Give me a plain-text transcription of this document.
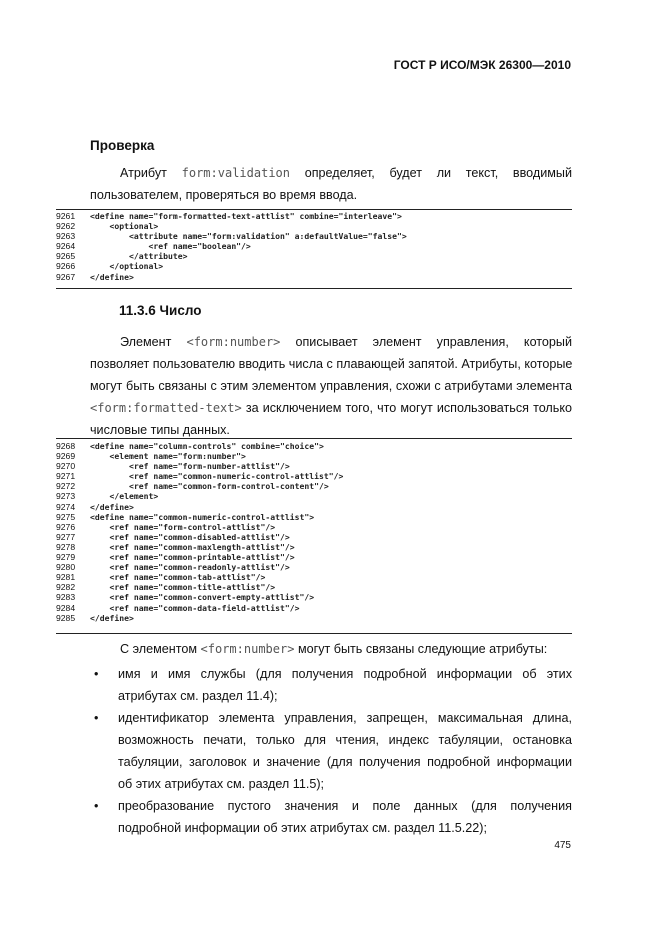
ГОСТ Р ИСО/МЭК 26300—2010
Проверка
Атрибут form:validation определяет, будет ли текст, вводимый
пользователем, проверяться во время ввода.
9261	<define name="form-formatted-text-attlist" combine="interleave">
9262	<optional>
9263	<attribute name="form:validation" a:defaultValue="false">
9264	<ref name="boolean"/>
9265	</attribute>
9266	</optional>
9267	</define>
11.3.6 Число
Элемент <form:number> описывает элемент управления, который
позволяет пользователю вводить числа с плавающей запятой. Атрибуты, которые
могут быть связаны с этим элементом управления, схожи с атрибутами элемента
<form:formatted-text> за исключением того, что могут использоваться только
числовые типы данных.
9268	<define name="column-controls" combine="choice">
9269	<element name="form:number">
9270	<ref name="form-number-attlist"/>
9271	<ref name="common-numeric-control-attlist"/>
9272	<ref name="common-form-control-content"/>
9273	</element>
9274	</define>
9275	<define name="common-numeric-control-attlist">
9276	<ref name="form-control-attlist"/>
9277	<ref name="common-disabled-attlist"/>
9278	<ref name="common-maxlength-attlist"/>
9279	<ref name="common-printable-attlist"/>
9280	<ref name="common-readonly-attlist"/>
9281	<ref name="common-tab-attlist"/>
9282	<ref name="common-title-attlist"/>
9283	<ref name="common-convert-empty-attlist"/>
9284	<ref name="common-data-field-attlist"/>
9285	</define>
С элементом <form:number> могут быть связаны следующие атрибуты:
• имя и имя службы (для получения подробной информации об этих
атрибутах см. раздел 11.4);
• идентификатор элемента управления, запрещен, максимальная длина,
возможность печати, только для чтения, индекс табуляции, остановка
табуляции, заголовок и значение (для получения подробной информации
об этих атрибутах см. раздел 11.5);
• преобразование пустого значения и поле данных (для получения
подробной информации об этих атрибутах см. раздел 11.5.22);
475
